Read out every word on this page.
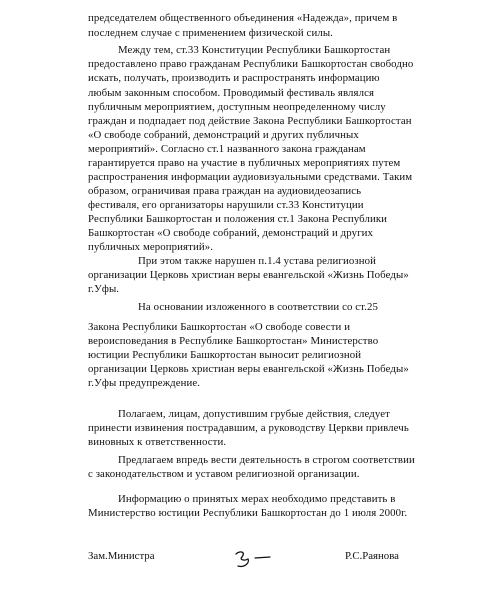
председателем общественного объединения «Надежда», причем в
последнем случае с применением физической силы.
Между тем, ст.33 Конституции Республики Башкортостан
предоставлено право гражданам Республики Башкортостан свободно
искать, получать, производить и распространять информацию
любым законным способом. Проводимый фестиваль являлся
публичным мероприятием, доступным неопределенному числу
граждан и подпадает под действие Закона Республики Башкортостан
«О свободе собраний, демонстраций и других публичных
мероприятий». Согласно ст.1 названного закона гражданам
гарантируется право на участие в публичных мероприятиях путем
распространения информации аудиовизуальными средствами. Таким
образом, ограничивая права граждан на аудиовидеозапись
фестиваля, его организаторы нарушили ст.33 Конституции
Республики Башкортостан и положения ст.1 Закона Республики
Башкортостан «О свободе собраний, демонстраций и других
публичных мероприятий».
При этом также нарушен п.1.4 устава религиозной
организации Церковь христиан веры евангельской «Жизнь Победы»
г.Уфы.
На основании изложенного в соответствии со ст.25
Закона Республики Башкортостан «О свободе совести и
вероисповедания в Республике Башкортостан» Министерство
юстиции Республики Башкортостан выносит религиозной
организации Церковь христиан веры евангельской «Жизнь Победы»
г.Уфы предупреждение.
Полагаем, лицам, допустившим грубые действия, следует
принести извинения пострадавшим, а руководству Церкви привлечь
виновных к ответственности.
Предлагаем впредь вести деятельность в строгом соответствии
с законодательством и уставом религиозной организации.
Информацию о принятых мерах необходимо представить в
Министерство юстиции Республики Башкортостан до 1 июля 2000г.
Зам.Министра	Р.С.Раянова
